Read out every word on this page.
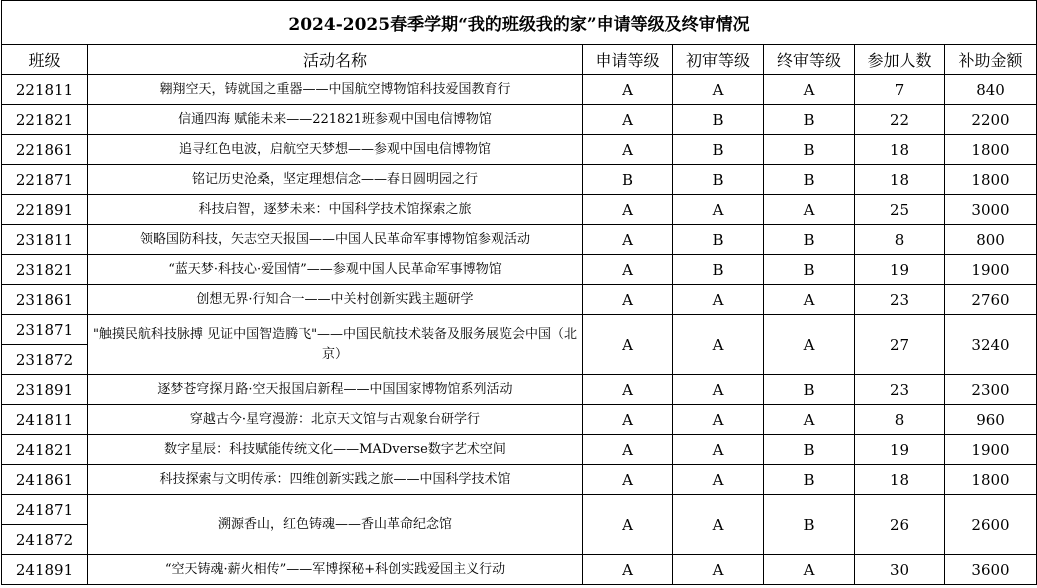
2024-2025春季学期“我的班级我的家”申请等级及终审情况						
班级	活动名称	申请等级	初审等级	终审等级	参加人数	补助金额
221811	翱翔空天，铸就国之重器——中国航空博物馆科技爱国教育行	A	A	A	7	840
221821	信通四海 赋能未来——221821班参观中国电信博物馆	A	B	B	22	2200
221861	追寻红色电波，启航空天梦想——参观中国电信博物馆	A	B	B	18	1800
221871	铭记历史沧桑，坚定理想信念——春日圆明园之行	B	B	B	18	1800
221891	科技启智，逐梦未来：中国科学技术馆探索之旅	A	A	A	25	3000
231811	领略国防科技，矢志空天报国——中国人民革命军事博物馆参观活动	A	B	B	8	800
231821	“蓝天梦·科技心·爱国情”——参观中国人民革命军事博物馆	A	B	B	19	1900
231861	创想无界·行知合一——中关村创新实践主题研学	A	A	A	23	2760
231871	"触摸民航科技脉搏 见证中国智造腾飞"——中国民航技术装备及服务展览会中国（北京）	A	A	A	27	3240
231872						
231891	逐梦苍穹探月路·空天报国启新程——中国国家博物馆系列活动	A	A	B	23	2300
241811	穿越古今·星穹漫游：北京天文馆与古观象台研学行	A	A	A	8	960
241821	数字星辰：科技赋能传统文化——MADverse数字艺术空间	A	A	B	19	1900
241861	科技探索与文明传承：四维创新实践之旅——中国科学技术馆	A	A	B	18	1800
241871	溯源香山，红色铸魂——香山革命纪念馆	A	A	B	26	2600
241872						
241891	“空天铸魂·薪火相传”——军博探秘+科创实践爱国主义行动	A	A	A	30	3600
